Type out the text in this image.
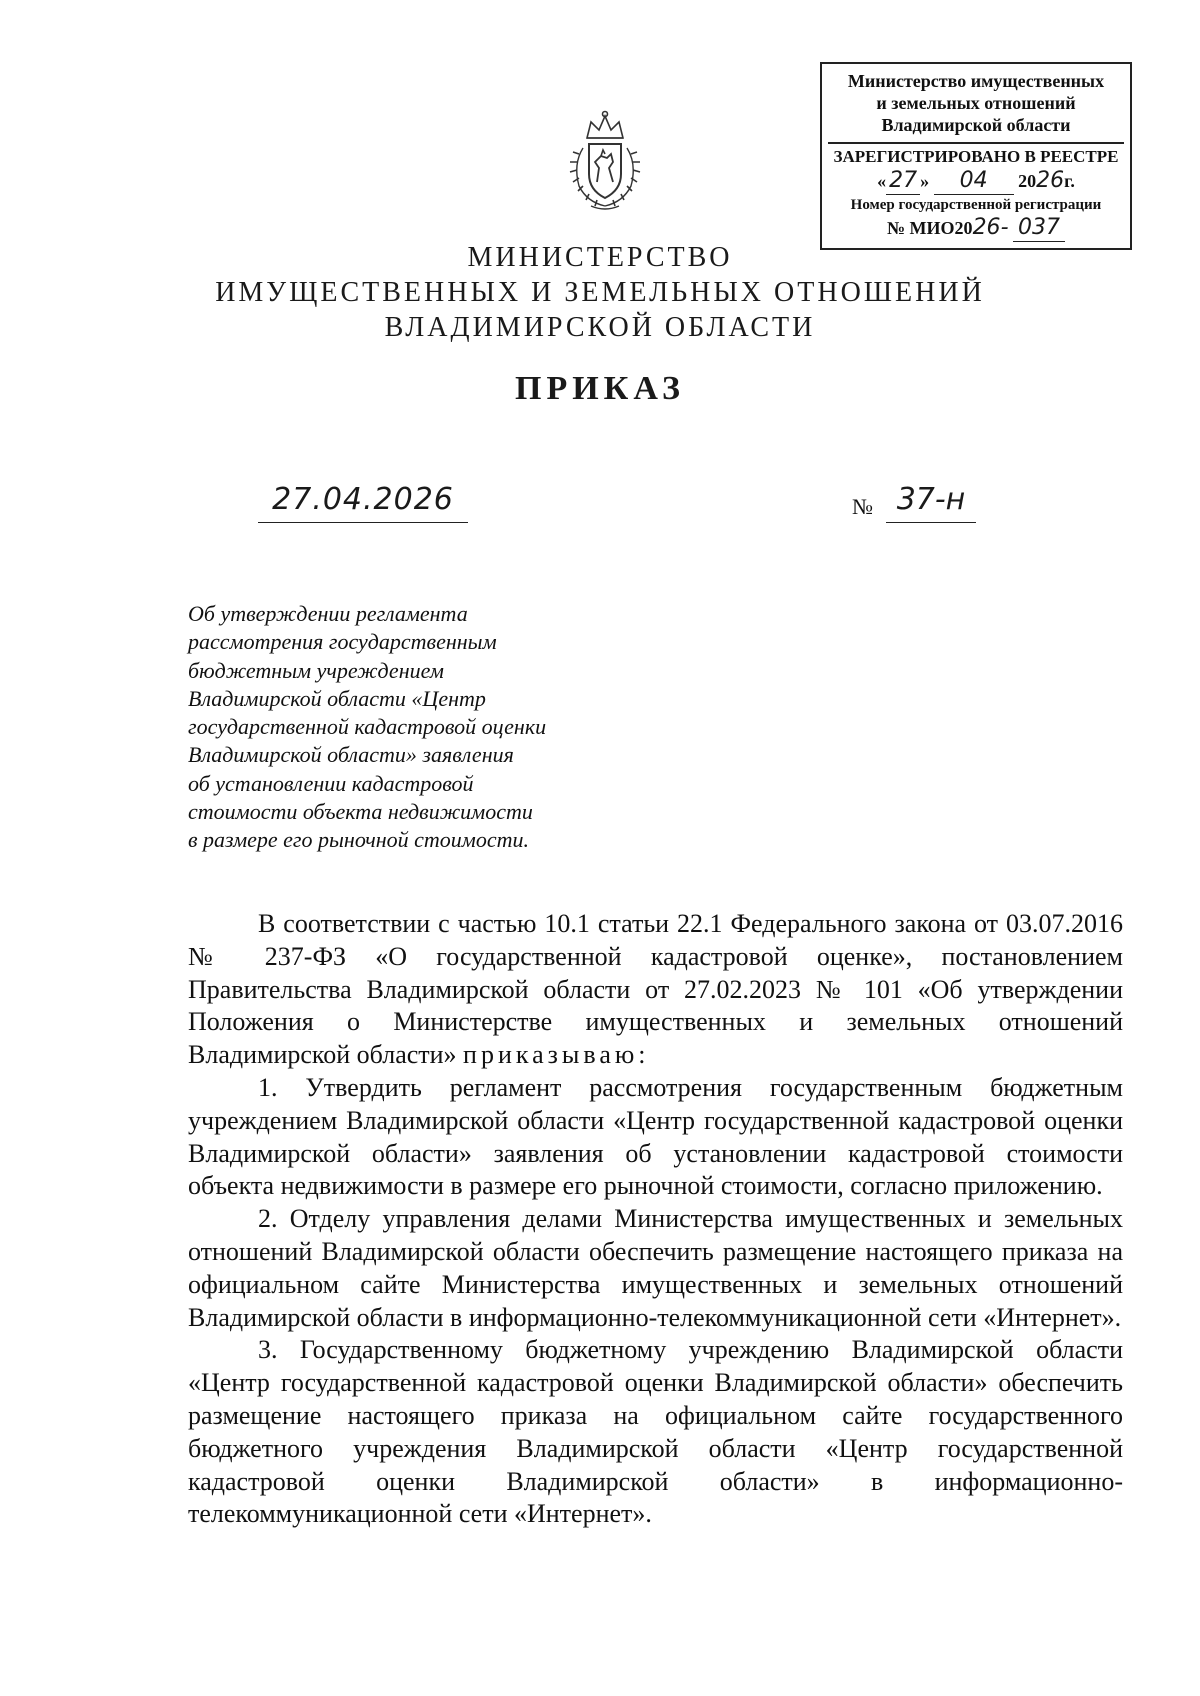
Министерство имущественных
и земельных отношений
Владимирской области
ЗАРЕГИСТРИРОВАНО В РЕЕСТРЕ
« 27 » 04 2026г.
Номер государственной регистрации
№ МИО2026- 037
МИНИСТЕРСТВО
ИМУЩЕСТВЕННЫХ И ЗЕМЕЛЬНЫХ ОТНОШЕНИЙ
ВЛАДИМИРСКОЙ ОБЛАСТИ
ПРИКАЗ
27.04.2026	№ 37-н
Об утверждении регламента
рассмотрения государственным
бюджетным учреждением
Владимирской области «Центр
государственной кадастровой оценки
Владимирской области» заявления
об установлении кадастровой
стоимости объекта недвижимости
в размере его рыночной стоимости.

В соответствии с частью 10.1 статьи 22.1 Федерального закона от 03.07.2016 № 237-ФЗ «О государственной кадастровой оценке», постановлением Правительства Владимирской области от 27.02.2023 № 101 «Об утверждении Положения о Министерстве имущественных и земельных отношений Владимирской области» приказываю:

1. Утвердить регламент рассмотрения государственным бюджетным учреждением Владимирской области «Центр государственной кадастровой оценки Владимирской области» заявления об установлении кадастровой стоимости объекта недвижимости в размере его рыночной стоимости, согласно приложению.

2. Отделу управления делами Министерства имущественных и земельных отношений Владимирской области обеспечить размещение настоящего приказа на официальном сайте Министерства имущественных и земельных отношений Владимирской области в информационно-телекоммуникационной сети «Интернет».

3. Государственному бюджетному учреждению Владимирской области «Центр государственной кадастровой оценки Владимирской области» обеспечить размещение настоящего приказа на официальном сайте государственного бюджетного учреждения Владимирской области «Центр государственной кадастровой оценки Владимирской области» в информационно-телекоммуникационной сети «Интернет».
